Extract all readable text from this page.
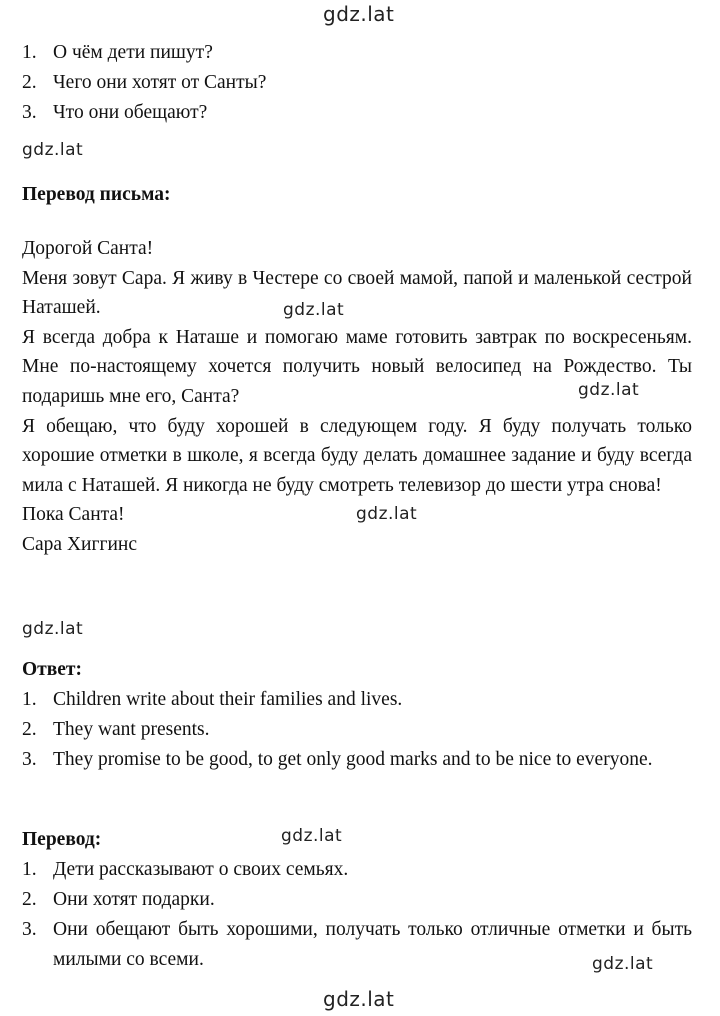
gdz.lat
gdz.lat
gdz.lat
gdz.lat
gdz.lat
gdz.lat
gdz.lat
gdz.lat
gdz.lat
1. О чём дети пишут?
2. Чего они хотят от Санты?
3. Что они обещают?
Перевод письма:

Дорогой Санта!

Меня зовут Сара. Я живу в Честере со своей мамой, папой и маленькой сестрой Наташей.

Я всегда добра к Наташе и помогаю маме готовить завтрак по воскресеньям. Мне по-настоящему хочется получить новый велосипед на Рождество. Ты подаришь мне его, Санта?

Я обещаю, что буду хорошей в следующем году. Я буду получать только хорошие отметки в школе, я всегда буду делать домашнее задание и буду всегда мила с Наташей. Я никогда не буду смотреть телевизор до шести утра снова!

Пока Санта!

Сара Хиггинс

Ответ:
1. Children write about their families and lives.
2. They want presents.
3. They promise to be good, to get only good marks and to be nice to everyone.
Перевод:
1. Дети рассказывают о своих семьях.
2. Они хотят подарки.
3. Они обещают быть хорошими, получать только отличные отметки и быть милыми со всеми.
